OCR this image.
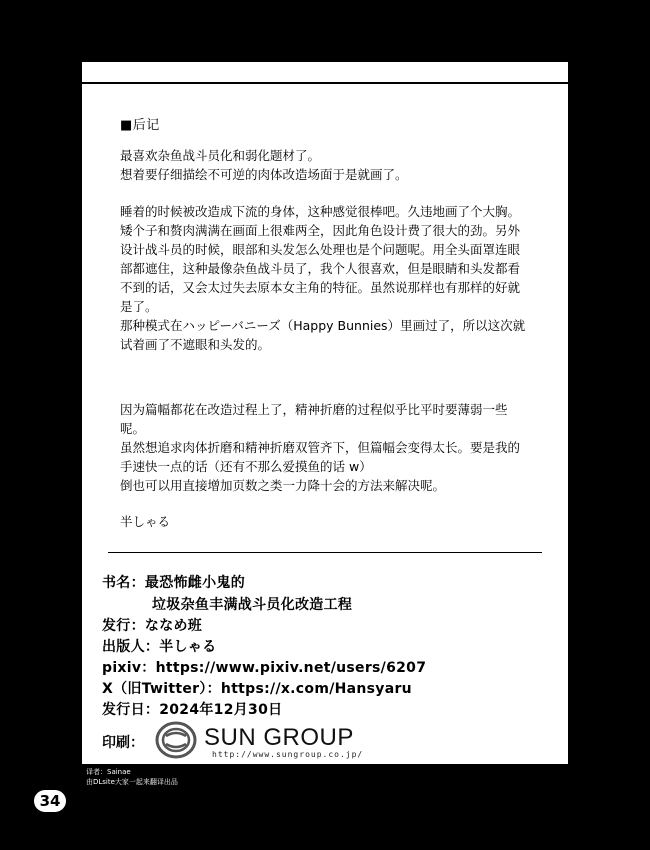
■后记

最喜欢杂鱼战斗员化和弱化题材了。

想着要仔细描绘不可逆的肉体改造场面于是就画了。

睡着的时候被改造成下流的身体，这种感觉很棒吧。久违地画了个大胸。

矮个子和赘肉满满在画面上很难两全，因此角色设计费了很大的劲。另外设计战斗员的时候，眼部和头发怎么处理也是个问题呢。用全头面罩连眼部都遮住，这种最像杂鱼战斗员了，我个人很喜欢，但是眼睛和头发都看不到的话，又会太过失去原本女主角的特征。虽然说那样也有那样的好就是了。

那种模式在ハッピーバニーズ（Happy Bunnies）里画过了，所以这次就试着画了不遮眼和头发的。

因为篇幅都花在改造过程上了，精神折磨的过程似乎比平时要薄弱一些呢。

虽然想追求肉体折磨和精神折磨双管齐下，但篇幅会变得太长。要是我的手速快一点的话（还有不那么爱摸鱼的话 w）

倒也可以用直接增加页数之类一力降十会的方法来解决呢。

半しゃる
书名：最恐怖雌小鬼的
垃圾杂鱼丰满战斗员化改造工程
发行：ななめ班
出版人：半しゃる
pixiv：https://www.pixiv.net/users/6207
X（旧Twitter）：https://x.com/Hansyaru
发行日：2024年12月30日
印刷：	SUN GROUP
http://www.sungroup.co.jp/
译者：Sainae
由DLsite大家一起来翻译出品
34
